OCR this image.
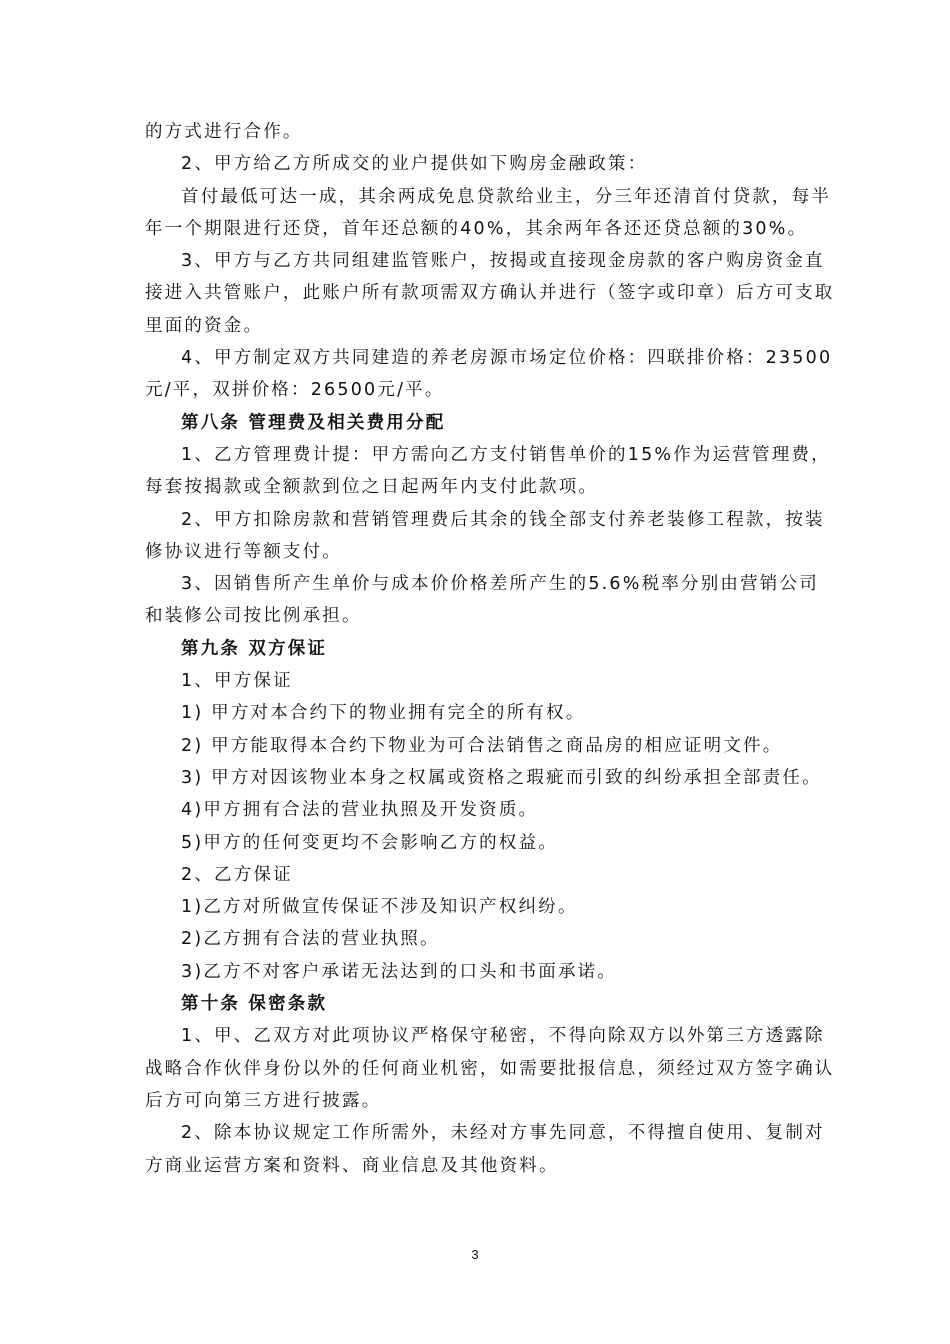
的方式进行合作。

2、甲方给乙方所成交的业户提供如下购房金融政策：

首付最低可达一成，其余两成免息贷款给业主，分三年还清首付贷款，每半年一个期限进行还贷，首年还总额的40%，其余两年各还还贷总额的30%。

3、甲方与乙方共同组建监管账户，按揭或直接现金房款的客户购房资金直接进入共管账户，此账户所有款项需双方确认并进行（签字或印章）后方可支取里面的资金。

4、甲方制定双方共同建造的养老房源市场定位价格：四联排价格：23500元/平，双拼价格：26500元/平。

第八条 管理费及相关费用分配

1、乙方管理费计提：甲方需向乙方支付销售单价的15%作为运营管理费，每套按揭款或全额款到位之日起两年内支付此款项。

2、甲方扣除房款和营销管理费后其余的钱全部支付养老装修工程款，按装修协议进行等额支付。

3、因销售所产生单价与成本价价格差所产生的5.6%税率分别由营销公司和装修公司按比例承担。

第九条 双方保证

1、甲方保证

1) 甲方对本合约下的物业拥有完全的所有权。

2) 甲方能取得本合约下物业为可合法销售之商品房的相应证明文件。

3) 甲方对因该物业本身之权属或资格之瑕疵而引致的纠纷承担全部责任。

4)甲方拥有合法的营业执照及开发资质。

5)甲方的任何变更均不会影响乙方的权益。

2、乙方保证

1)乙方对所做宣传保证不涉及知识产权纠纷。

2)乙方拥有合法的营业执照。

3)乙方不对客户承诺无法达到的口头和书面承诺。

第十条 保密条款

1、甲、乙双方对此项协议严格保守秘密，不得向除双方以外第三方透露除战略合作伙伴身份以外的任何商业机密，如需要批报信息，须经过双方签字确认后方可向第三方进行披露。

2、除本协议规定工作所需外，未经对方事先同意，不得擅自使用、复制对方商业运营方案和资料、商业信息及其他资料。

3
